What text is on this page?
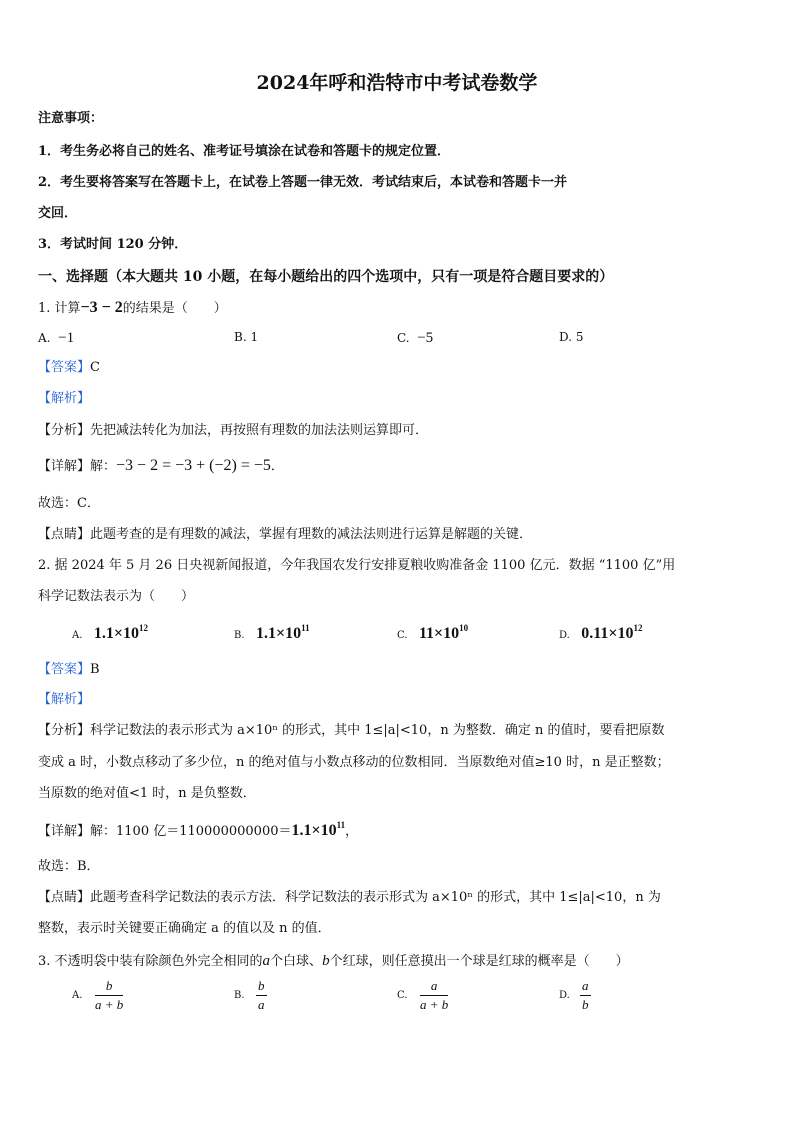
2024年呼和浩特市中考试卷数学
注意事项：
1．考生务必将自己的姓名、准考证号填涂在试卷和答题卡的规定位置．
2．考生要将答案写在答题卡上，在试卷上答题一律无效．考试结束后，本试卷和答题卡一并
交回．
3．考试时间 120 分钟．
一、选择题（本大题共 10 小题，在每小题给出的四个选项中，只有一项是符合题目要求的）
1. 计算−3 − 2的结果是（　　）
A. −1	B. 1	C. −5	D. 5
【答案】C
【解析】
【分析】先把减法转化为加法，再按照有理数的加法法则运算即可．
【详解】解：−3 − 2 = −3 + (−2) = −5．
故选：C．
【点睛】此题考查的是有理数的减法，掌握有理数的减法法则进行运算是解题的关键．
2. 据 2024 年 5 月 26 日央视新闻报道，今年我国农发行安排夏粮收购准备金 1100 亿元．数据 “1100 亿”用
科学记数法表示为（　　）
A. $1.1\times 10^{12}$
B. $1.1\times 10^{11}$
C. $11\times 10^{10}$
D. $0.11\times 10^{12}$
【答案】B
【解析】
【分析】科学记数法的表示形式为 a×10ⁿ 的形式，其中 1≤|a|<10，n 为整数．确定 n 的值时，要看把原数
变成 a 时，小数点移动了多少位，n 的绝对值与小数点移动的位数相同．当原数绝对值≥10 时，n 是正整数；
当原数的绝对值<1 时，n 是负整数．
【详解】解：1100 亿$=110000000000=1.1\times 10^{11}$，
故选：B．
【点睛】此题考查科学记数法的表示方法．科学记数法的表示形式为 a×10ⁿ 的形式，其中 1≤|a|<10，n 为
整数，表示时关键要正确确定 a 的值以及 n 的值．
3. 不透明袋中装有除颜色外完全相同的a个白球、b个红球，则任意摸出一个球是红球的概率是（　　）
A. $\frac{b}{a + b}$	B. $\frac{b}{a}$	C. $\frac{a}{a + b}$	D. $\frac{a}{b}$
